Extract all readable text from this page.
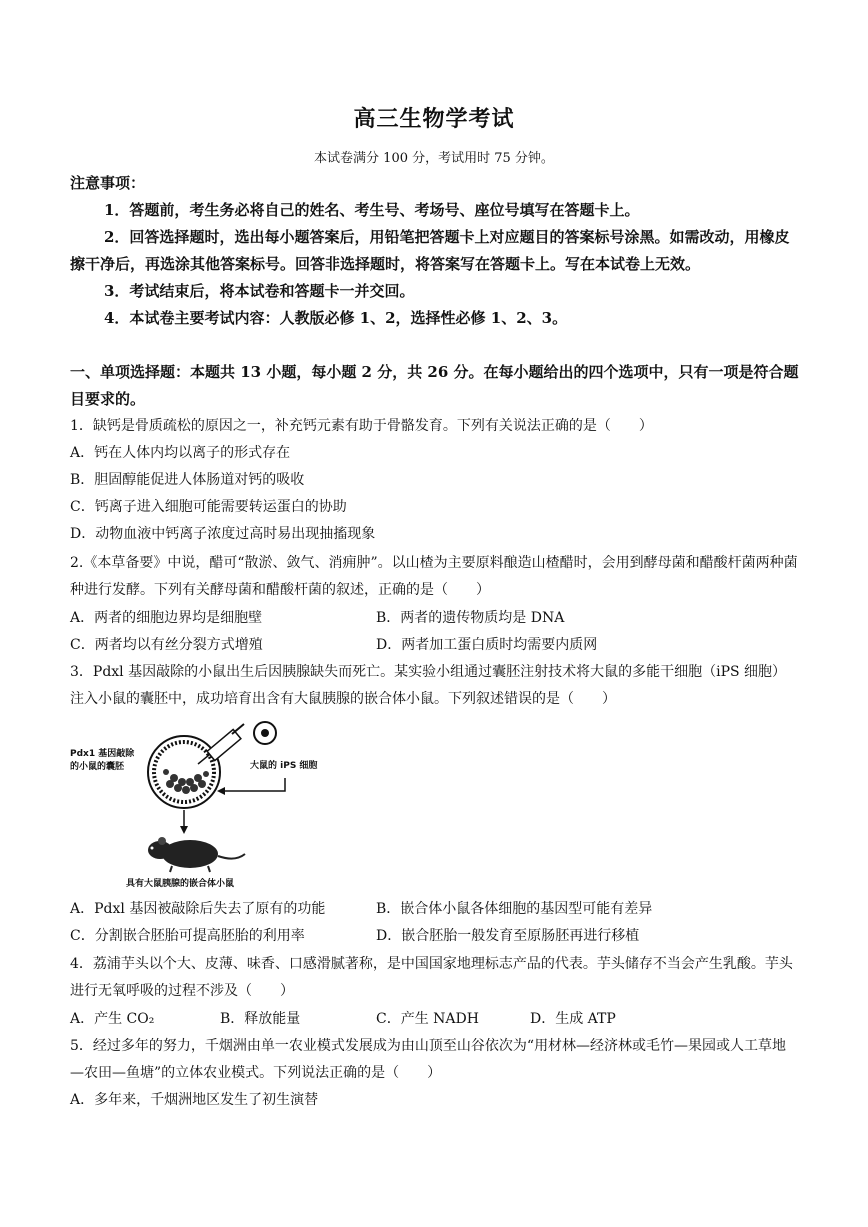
高三生物学考试
本试卷满分 100 分，考试用时 75 分钟。
注意事项：
1．答题前，考生务必将自己的姓名、考生号、考场号、座位号填写在答题卡上。
2．回答选择题时，选出每小题答案后，用铅笔把答题卡上对应题目的答案标号涂黑。如需改动，用橡皮擦干净后，再选涂其他答案标号。回答非选择题时，将答案写在答题卡上。写在本试卷上无效。
3．考试结束后，将本试卷和答题卡一并交回。
4．本试卷主要考试内容：人教版必修 1、2，选择性必修 1、2、3。
一、单项选择题：本题共 13 小题，每小题 2 分，共 26 分。在每小题给出的四个选项中，只有一项是符合题目要求的。
1．缺钙是骨质疏松的原因之一，补充钙元素有助于骨骼发育。下列有关说法正确的是（　　）
A．钙在人体内均以离子的形式存在
B．胆固醇能促进人体肠道对钙的吸收
C．钙离子进入细胞可能需要转运蛋白的协助
D．动物血液中钙离子浓度过高时易出现抽搐现象
2.《本草备要》中说，醋可“散淤、敛气、消痈肿”。以山楂为主要原料酿造山楂醋时，会用到酵母菌和醋酸杆菌两种菌种进行发酵。下列有关酵母菌和醋酸杆菌的叙述，正确的是（　　）
A．两者的细胞边界均是细胞壁	B．两者的遗传物质均是 DNA
C．两者均以有丝分裂方式增殖	D．两者加工蛋白质时均需要内质网
3．Pdxl 基因敲除的小鼠出生后因胰腺缺失而死亡。某实验小组通过囊胚注射技术将大鼠的多能干细胞（iPS 细胞）注入小鼠的囊胚中，成功培育出含有大鼠胰腺的嵌合体小鼠。下列叙述错误的是（　　）
大鼠的 iPS 细胞
Pdx1 基因敲除
的小鼠的囊胚
具有大鼠胰腺的嵌合体小鼠
A．Pdxl 基因被敲除后失去了原有的功能	B．嵌合体小鼠各体细胞的基因型可能有差异
C．分割嵌合胚胎可提高胚胎的利用率	D．嵌合胚胎一般发育至原肠胚再进行移植
4．荔浦芋头以个大、皮薄、味香、口感滑腻著称，是中国国家地理标志产品的代表。芋头储存不当会产生乳酸。芋头进行无氧呼吸的过程不涉及（　　）
A．产生 CO₂	B．释放能量	C．产生 NADH	D．生成 ATP
5．经过多年的努力，千烟洲由单一农业模式发展成为由山顶至山谷依次为“用材林—经济林或毛竹—果园或人工草地—农田—鱼塘”的立体农业模式。下列说法正确的是（　　）
A．多年来，千烟洲地区发生了初生演替
